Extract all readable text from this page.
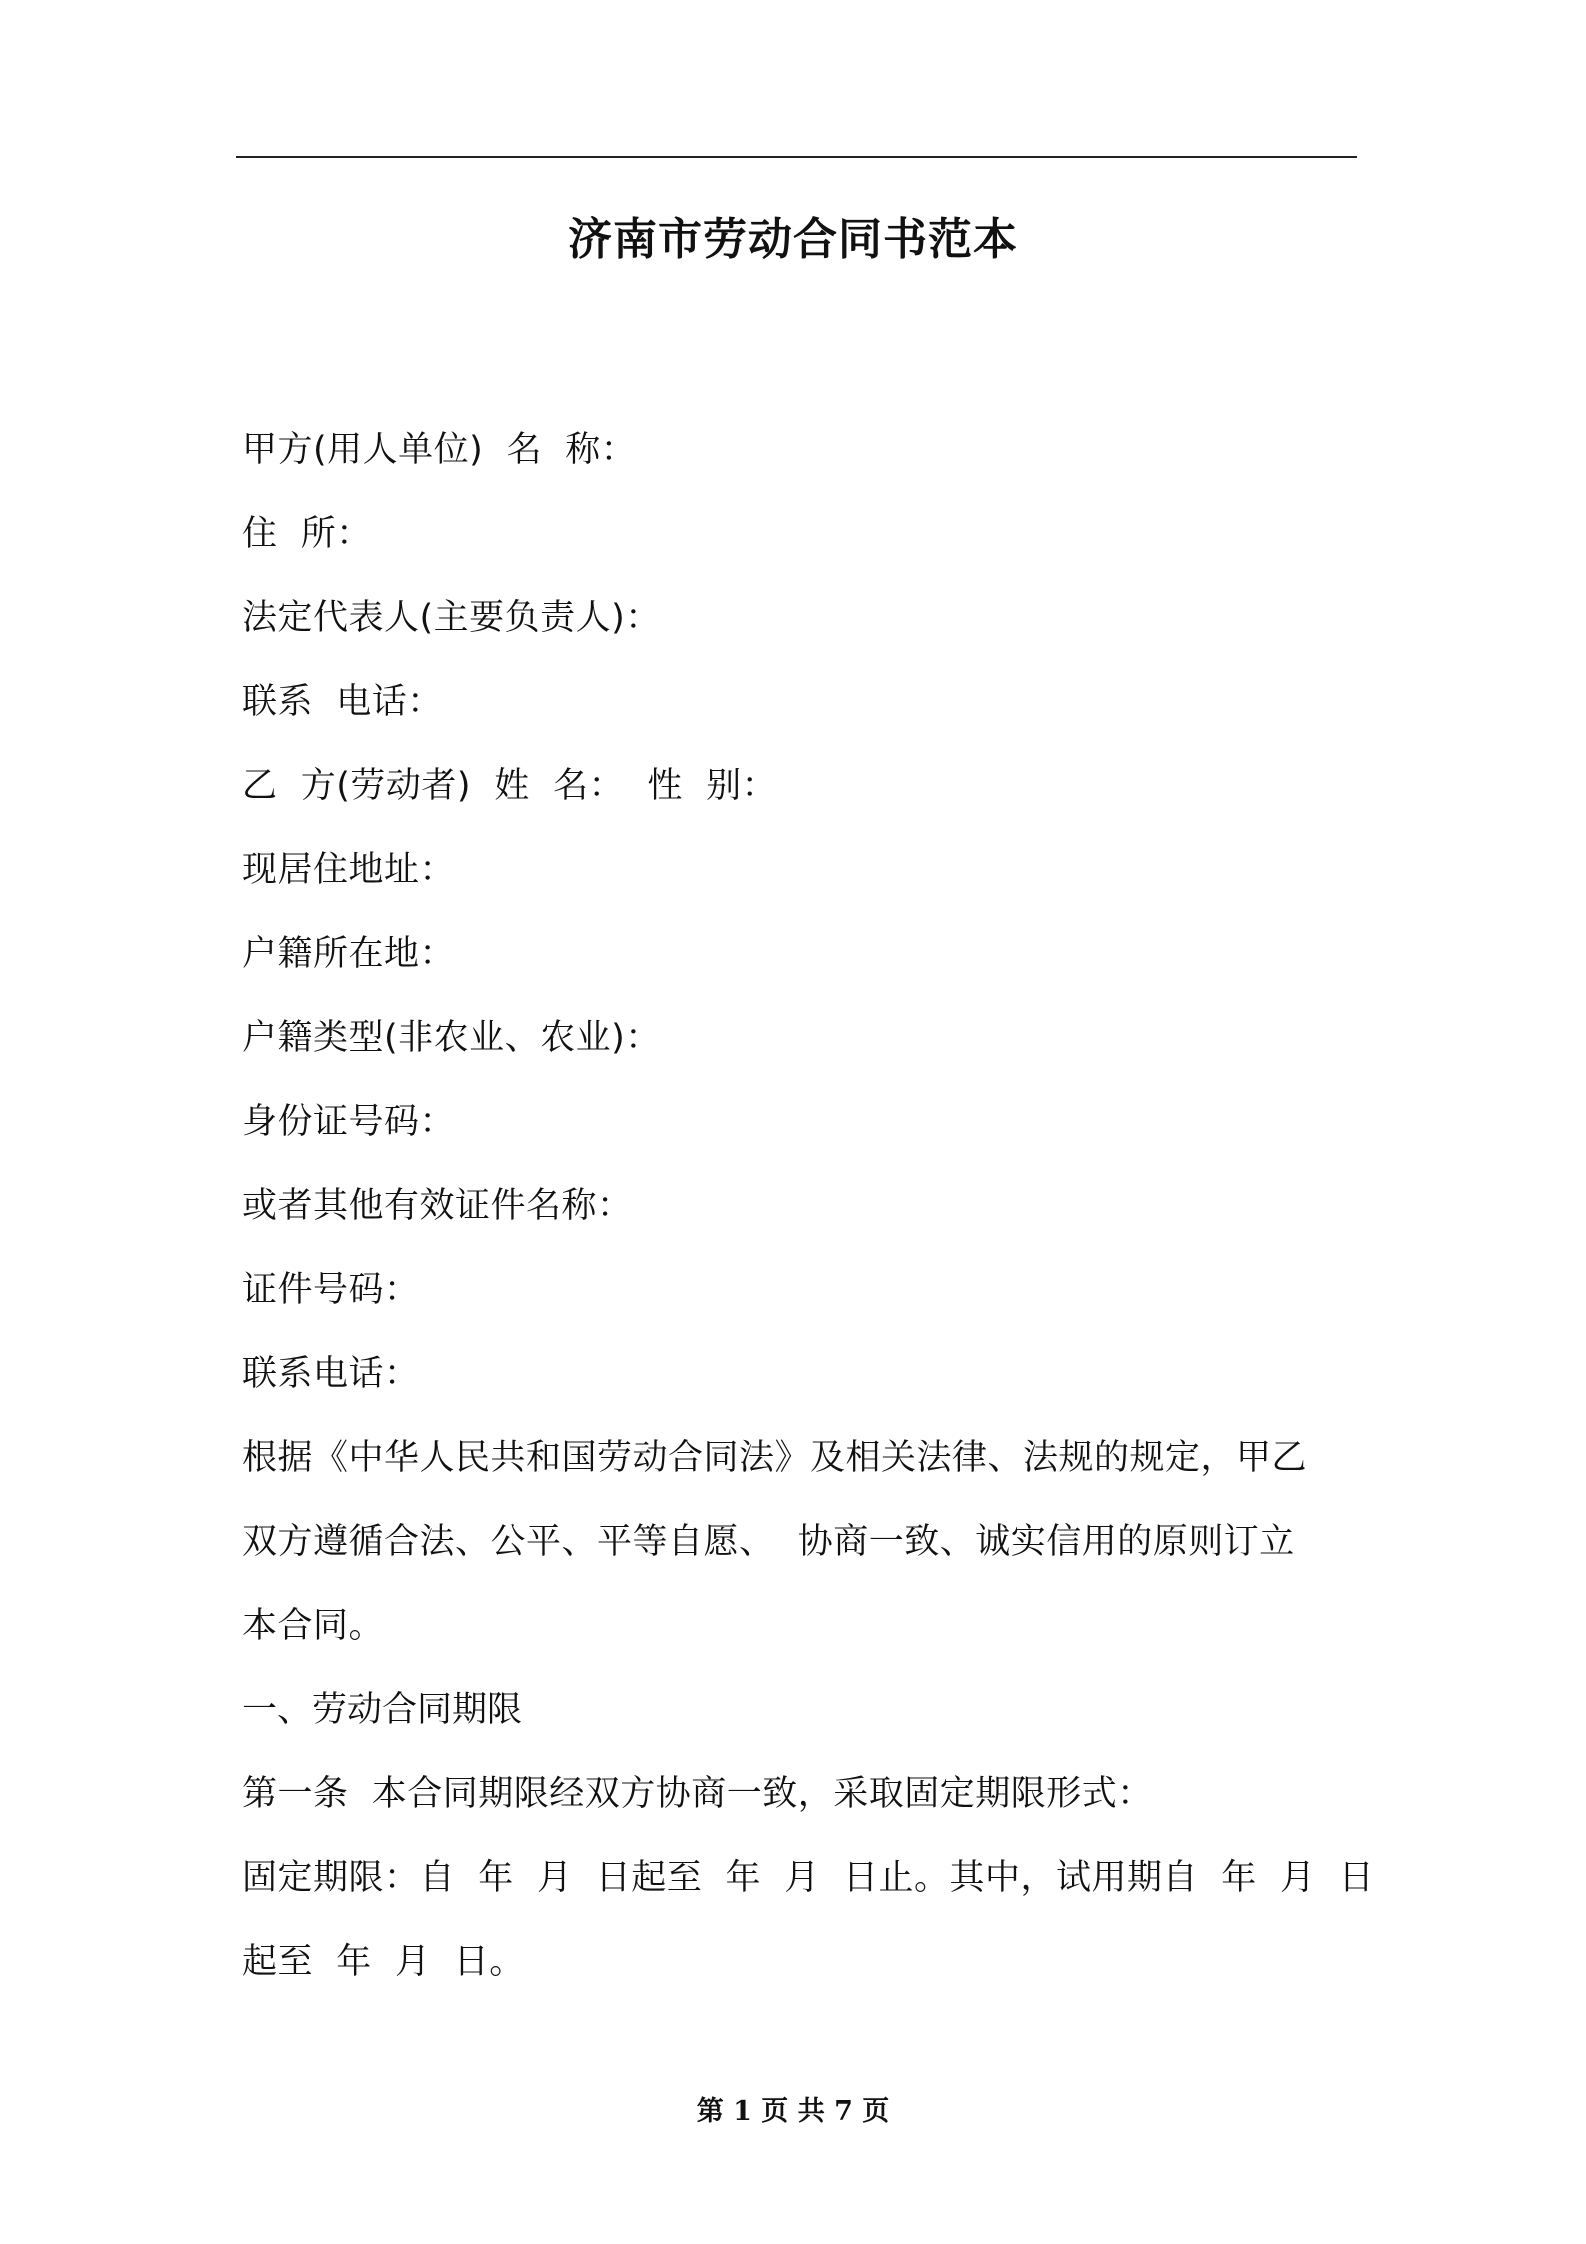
济南市劳动合同书范本
甲方(用人单位)  名  称：
住  所：
法定代表人(主要负责人)：
联系  电话：
乙  方(劳动者)  姓  名：  性  别：
现居住地址：
户籍所在地：
户籍类型(非农业、农业)：
身份证号码：
或者其他有效证件名称：
证件号码：
联系电话：
根据《中华人民共和国劳动合同法》及相关法律、法规的规定，甲乙
双方遵循合法、公平、平等自愿、  协商一致、诚实信用的原则订立
本合同。
一、劳动合同期限
第一条  本合同期限经双方协商一致，采取固定期限形式：
固定期限：自  年  月  日起至  年  月  日止。其中，试用期自  年  月  日
起至  年  月  日。
第 1 页 共 7 页
